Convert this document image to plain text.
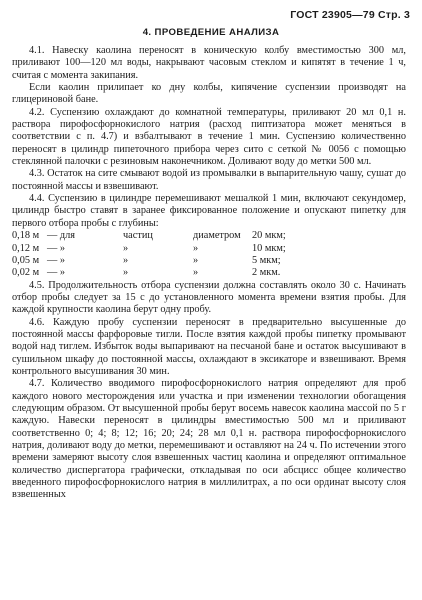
ГОСТ 23905—79 Стр. 3
4. ПРОВЕДЕНИЕ АНАЛИЗА

4.1. Навеску каолина переносят в коническую колбу вместимостью 300 мл, приливают 100—120 мл воды, накрывают часовым стеклом и кипятят в течение 1 ч, считая с момента закипания.

Если каолин прилипает ко дну колбы, кипячение суспензии производят на глицериновой бане.

4.2. Суспензию охлаждают до комнатной температуры, приливают 20 мл 0,1 н. раствора пирофосфорнокислого натрия (расход пиптизатора может меняться в соответствии с п. 4.7) и взбалтывают в течение 1 мин. Суспензию количественно переносят в цилиндр пипеточного прибора через сито с сеткой № 0056 с помощью стеклянной палочки с резиновым наконечником. Доливают воду до метки 500 мл.

4.3. Остаток на сите смывают водой из промывалки в выпарительную чашу, сушат до постоянной массы и взвешивают.

4.4. Суспензию в цилиндре перемешивают мешалкой 1 мин, включают секундомер, цилиндр быстро ставят в заранее фиксированное положение и опускают пипетку для первого отбора пробы с глубины:

0,18 м — для	частиц	диаметром 20 мкм;
0,12 м — »	»	»	10 мкм;
0,05 м — »	»	»	5 мкм;
0,02 м — »	»	»	2 мкм.

4.5. Продолжительность отбора суспензии должна составлять около 30 с. Начинать отбор пробы следует за 15 с до установленного момента времени взятия пробы. Для каждой крупности каолина берут одну пробу.

4.6. Каждую пробу суспензии переносят в предварительно высушенные до постоянной массы фарфоровые тигли. После взятия каждой пробы пипетку промывают водой над тиглем. Избыток воды выпаривают на песчаной бане и остаток высушивают в сушильном шкафу до постоянной массы, охлаждают в эксикаторе и взвешивают. Время контрольного высушивания 30 мин.

4.7. Количество вводимого пирофосфорнокислого натрия определяют для проб каждого нового месторождения или участка и при изменении технологии обогащения следующим образом. От высушенной пробы берут восемь навесок каолина массой по 5 г каждую. Навески переносят в цилиндры вместимостью 500 мл и приливают соответственно 0; 4; 8; 12; 16; 20; 24; 28 мл 0,1 н. раствора пирофосфорнокислого натрия, доливают воду до метки, перемешивают и оставляют на 24 ч. По истечении этого времени замеряют высоту слоя взвешенных частиц каолина и определяют оптимальное количество диспергатора графически, откладывая по оси абсцисс общее количество введенного пирофосфорнокислого натрия в миллилитрах, а по оси ординат высоту слоя взвешенных
